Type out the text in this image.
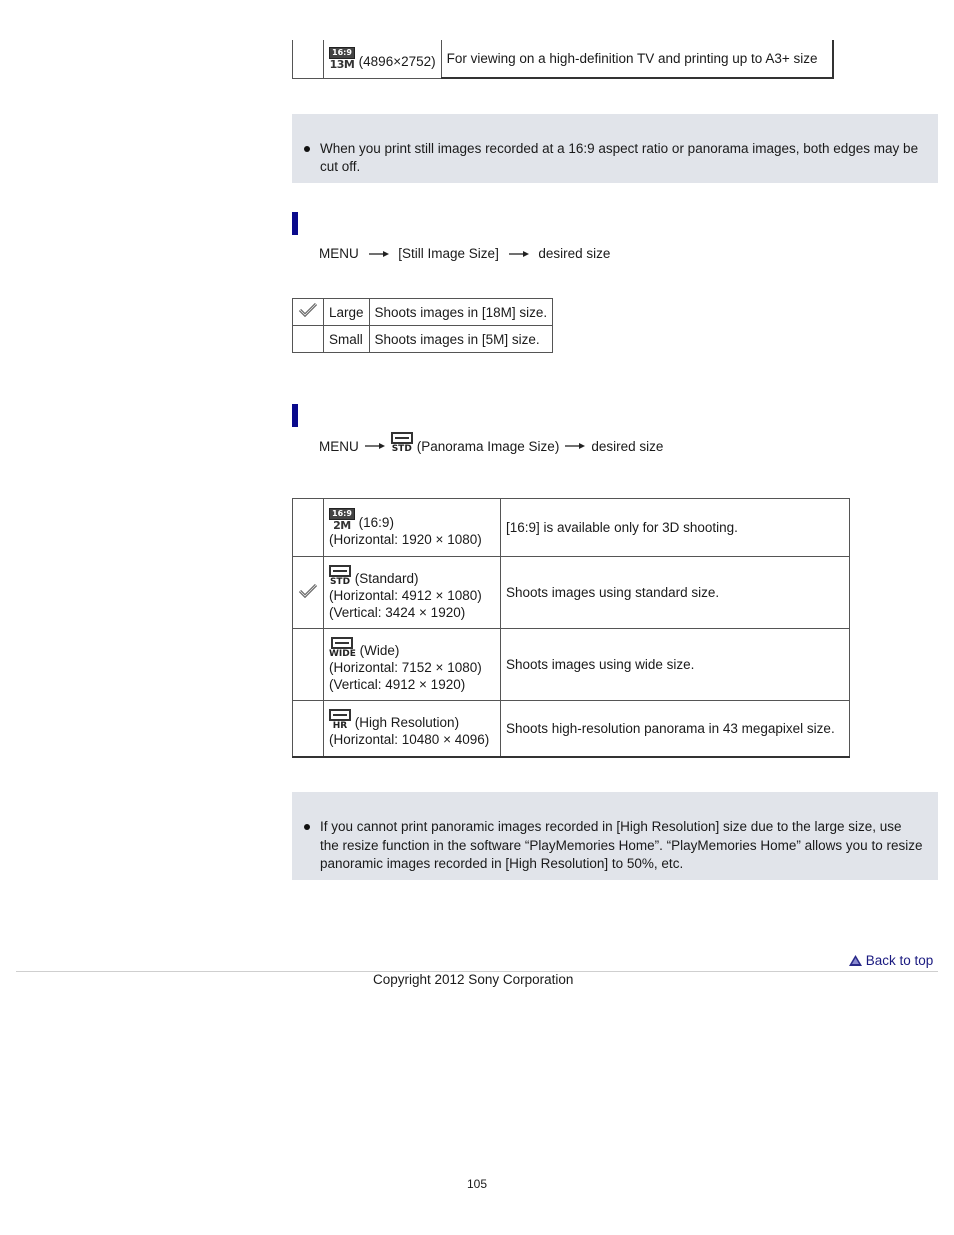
16:9
13M (4896×2752)	For viewing on a high-definition TV and printing up to A3+ size
When you print still images recorded at a 16:9 aspect ratio or panorama images, both edges may be cut off.
MENU	[Still Image Size]	desired size
	Large	Shoots images in [18M] size.
	Small	Shoots images in [5M] size.
MENU	STD (Panorama Image Size) desired size

	16:9
2M (16:9)
(Horizontal: 1920 × 1080)	[16:9] is available only for 3D shooting.

STD (Standard)
(Horizontal: 4912 × 1080)
(Vertical: 3424 × 1920)	Shoots images using standard size.

	WIDE (Wide)
(Horizontal: 7152 × 1080)
(Vertical: 4912 × 1920)	Shoots images using wide size.

	HR (High Resolution)
(Horizontal: 10480 × 4096)	Shoots high-resolution panorama in 43 megapixel size.
If you cannot print panoramic images recorded in [High Resolution] size due to the large size, use the resize function in the software “PlayMemories Home”. “PlayMemories Home” allows you to resize panoramic images recorded in [High Resolution] to 50%, etc.
Back to top
Copyright 2012 Sony Corporation
105
